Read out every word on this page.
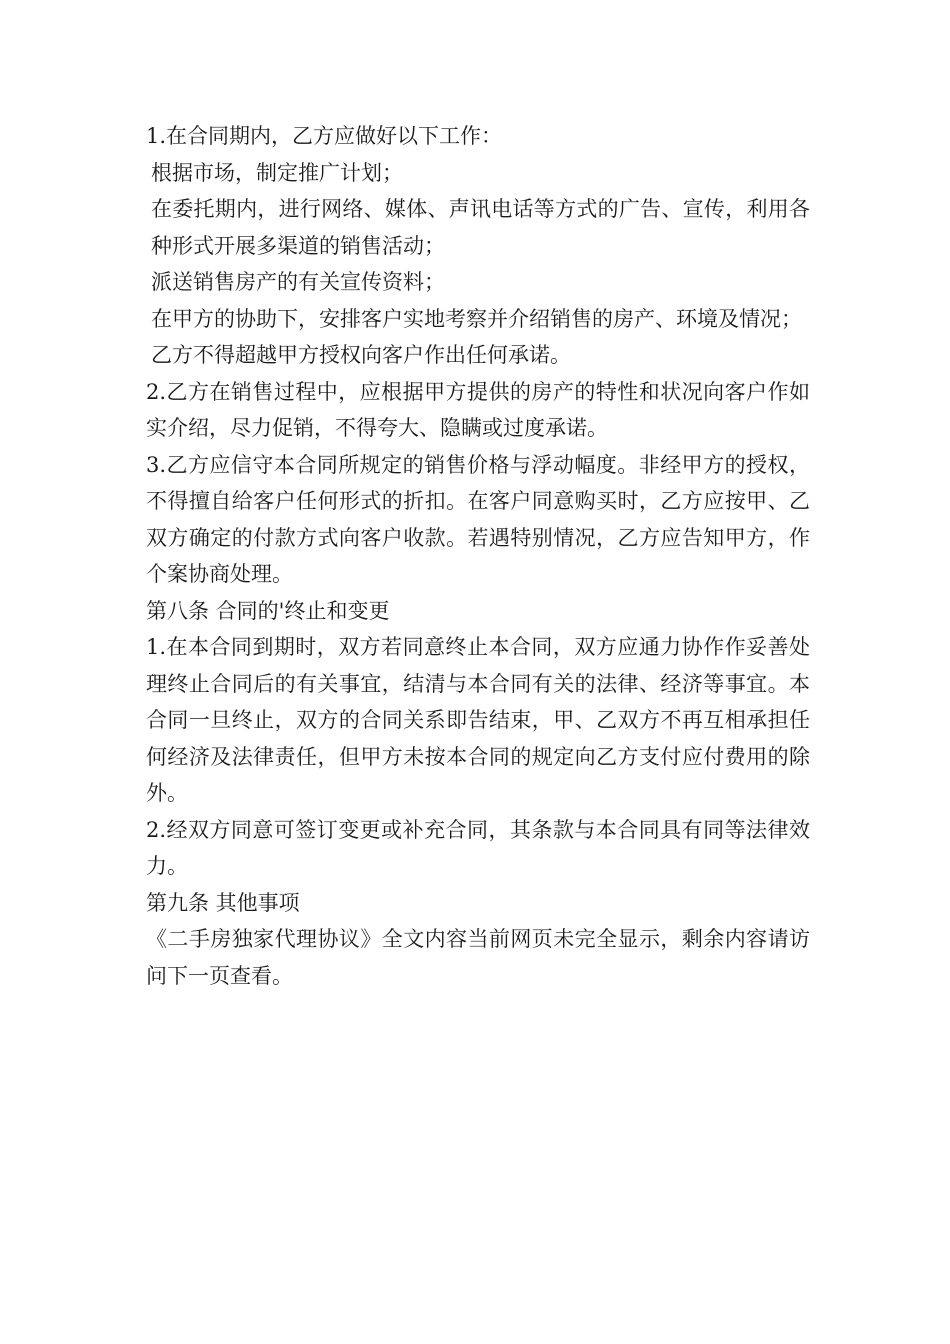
1.在合同期内，乙方应做好以下工作：

根据市场，制定推广计划；

在委托期内，进行网络、媒体、声讯电话等方式的广告、宣传，利用各种形式开展多渠道的销售活动；

派送销售房产的有关宣传资料；

在甲方的协助下，安排客户实地考察并介绍销售的房产、环境及情况；

乙方不得超越甲方授权向客户作出任何承诺。

2.乙方在销售过程中，应根据甲方提供的房产的特性和状况向客户作如实介绍，尽力促销，不得夸大、隐瞒或过度承诺。

3.乙方应信守本合同所规定的销售价格与浮动幅度。非经甲方的授权，不得擅自给客户任何形式的折扣。在客户同意购买时，乙方应按甲、乙双方确定的付款方式向客户收款。若遇特别情况，乙方应告知甲方，作个案协商处理。

第八条 合同的'终止和变更

1.在本合同到期时，双方若同意终止本合同，双方应通力协作作妥善处理终止合同后的有关事宜，结清与本合同有关的法律、经济等事宜。本合同一旦终止，双方的合同关系即告结束，甲、乙双方不再互相承担任何经济及法律责任，但甲方未按本合同的规定向乙方支付应付费用的除外。

2.经双方同意可签订变更或补充合同，其条款与本合同具有同等法律效力。

第九条 其他事项

《二手房独家代理协议》全文内容当前网页未完全显示，剩余内容请访问下一页查看。
